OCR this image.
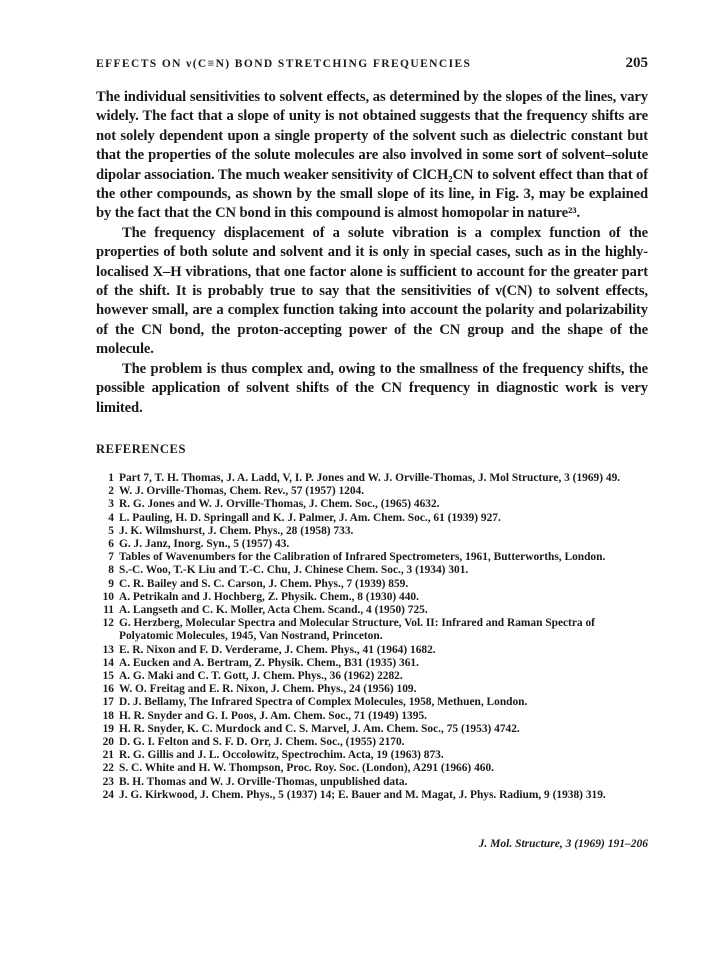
EFFECTS ON ν(C≡N) BOND STRETCHING FREQUENCIES	205

The individual sensitivities to solvent effects, as determined by the slopes of the lines, vary widely. The fact that a slope of unity is not obtained suggests that the frequency shifts are not solely dependent upon a single property of the solvent such as dielectric constant but that the properties of the solute molecules are also involved in some sort of solvent–solute dipolar association. The much weaker sensitivity of ClCH₂CN to solvent effect than that of the other compounds, as shown by the small slope of its line, in Fig. 3, may be explained by the fact that the CN bond in this compound is almost homopolar in nature²³.

The frequency displacement of a solute vibration is a complex function of the properties of both solute and solvent and it is only in special cases, such as in the highly-localised X–H vibrations, that one factor alone is sufficient to account for the greater part of the shift. It is probably true to say that the sensitivities of ν(CN) to solvent effects, however small, are a complex function taking into account the polarity and polarizability of the CN bond, the proton-accepting power of the CN group and the shape of the molecule.

The problem is thus complex and, owing to the smallness of the frequency shifts, the possible application of solvent shifts of the CN frequency in diagnostic work is very limited.

REFERENCES
1 Part 7, T. H. Thomas, J. A. Ladd, V, I. P. Jones and W. J. Orville-Thomas, J. Mol Structure, 3 (1969) 49.
2 W. J. Orville-Thomas, Chem. Rev., 57 (1957) 1204.
3 R. G. Jones and W. J. Orville-Thomas, J. Chem. Soc., (1965) 4632.
4 L. Pauling, H. D. Springall and K. J. Palmer, J. Am. Chem. Soc., 61 (1939) 927.
5 J. K. Wilmshurst, J. Chem. Phys., 28 (1958) 733.
6 G. J. Janz, Inorg. Syn., 5 (1957) 43.
7 Tables of Wavenumbers for the Calibration of Infrared Spectrometers, 1961, Butterworths, London.
8 S.-C. Woo, T.-K Liu and T.-C. Chu, J. Chinese Chem. Soc., 3 (1934) 301.
9 C. R. Bailey and S. C. Carson, J. Chem. Phys., 7 (1939) 859.
10 A. Petrikaln and J. Hochberg, Z. Physik. Chem., 8 (1930) 440.
11 A. Langseth and C. K. Moller, Acta Chem. Scand., 4 (1950) 725.
12 G. Herzberg, Molecular Spectra and Molecular Structure, Vol. II: Infrared and Raman Spectra of Polyatomic Molecules, 1945, Van Nostrand, Princeton.
13 E. R. Nixon and F. D. Verderame, J. Chem. Phys., 41 (1964) 1682.
14 A. Eucken and A. Bertram, Z. Physik. Chem., B31 (1935) 361.
15 A. G. Maki and C. T. Gott, J. Chem. Phys., 36 (1962) 2282.
16 W. O. Freitag and E. R. Nixon, J. Chem. Phys., 24 (1956) 109.
17 D. J. Bellamy, The Infrared Spectra of Complex Molecules, 1958, Methuen, London.
18 H. R. Snyder and G. I. Poos, J. Am. Chem. Soc., 71 (1949) 1395.
19 H. R. Snyder, K. C. Murdock and C. S. Marvel, J. Am. Chem. Soc., 75 (1953) 4742.
20 D. G. I. Felton and S. F. D. Orr, J. Chem. Soc., (1955) 2170.
21 R. G. Gillis and J. L. Occolowitz, Spectrochim. Acta, 19 (1963) 873.
22 S. C. White and H. W. Thompson, Proc. Roy. Soc. (London), A291 (1966) 460.
23 B. H. Thomas and W. J. Orville-Thomas, unpublished data.
24 J. G. Kirkwood, J. Chem. Phys., 5 (1937) 14; E. Bauer and M. Magat, J. Phys. Radium, 9 (1938) 319.
J. Mol. Structure, 3 (1969) 191–206
